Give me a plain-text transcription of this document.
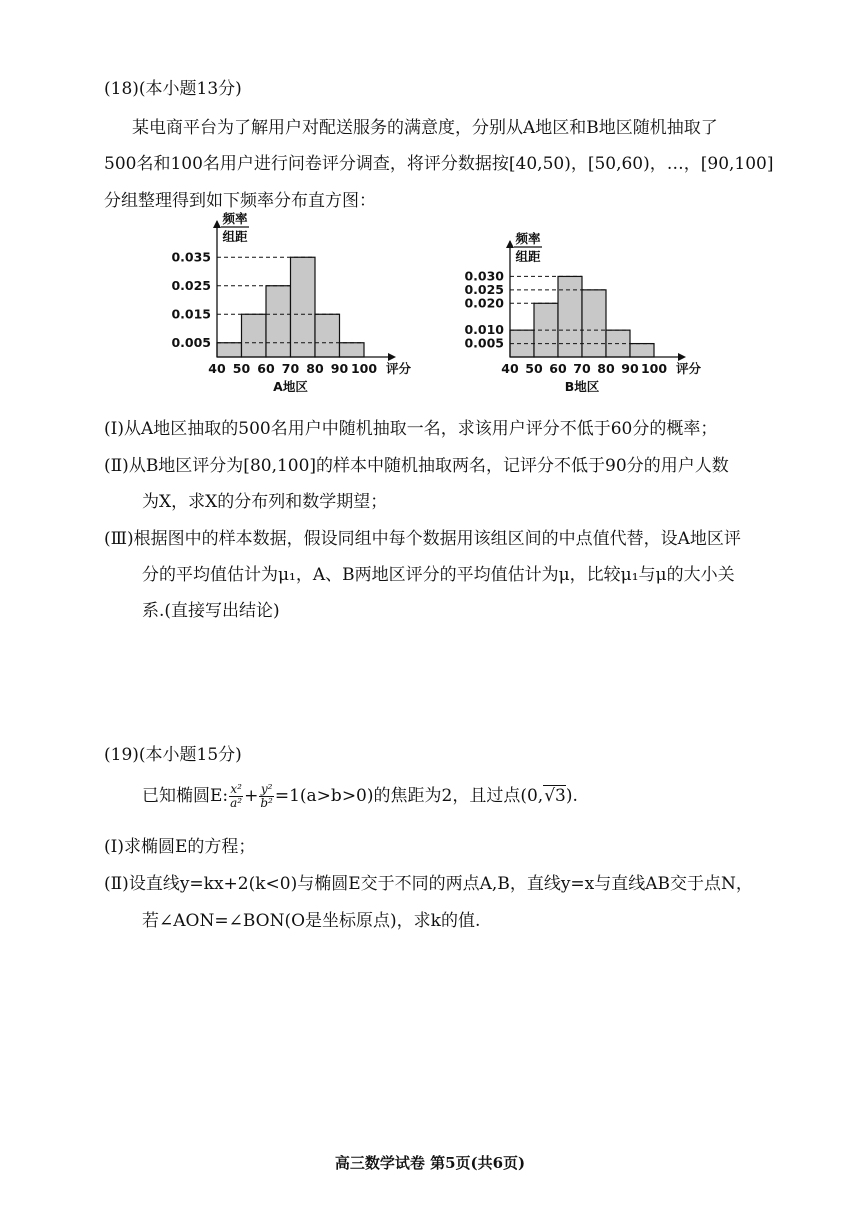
(18)(本小题13分)
某电商平台为了解用户对配送服务的满意度，分别从A地区和B地区随机抽取了
500名和100名用户进行问卷评分调查，将评分数据按[40,50)，[50,60)，…，[90,100]
分组整理得到如下频率分布直方图：
0.035
0.025
0.015
0.005
40 50 60 70 80 90 100 评分
频率
组距
A地区
0.030
0.025
0.020
0.010
0.005
40 50 60 70 80 90 100 评分
频率
组距
B地区
(Ⅰ)从A地区抽取的500名用户中随机抽取一名，求该用户评分不低于60分的概率；
(Ⅱ)从B地区评分为[80,100]的样本中随机抽取两名，记评分不低于90分的用户人数
为X，求X的分布列和数学期望；
(Ⅲ)根据图中的样本数据，假设同组中每个数据用该组区间的中点值代替，设A地区评
分的平均值估计为μ₁，A、B两地区评分的平均值估计为μ，比较μ₁与μ的大小关
系.(直接写出结论)
(19)(本小题15分)
已知椭圆E: $\frac{\text{x²}}{\text{a²}} + \frac{\text{y²}}{\text{b²}} =1(a>b>0)$的焦距为2，且过点(0,√3).
(Ⅰ)求椭圆E的方程；
(Ⅱ)设直线y=kx+2(k<0)与椭圆E交于不同的两点A,B，直线y=x与直线AB交于点N，
若∠AON=∠BON(O是坐标原点)，求k的值.
高三数学试卷 第5页(共6页)
